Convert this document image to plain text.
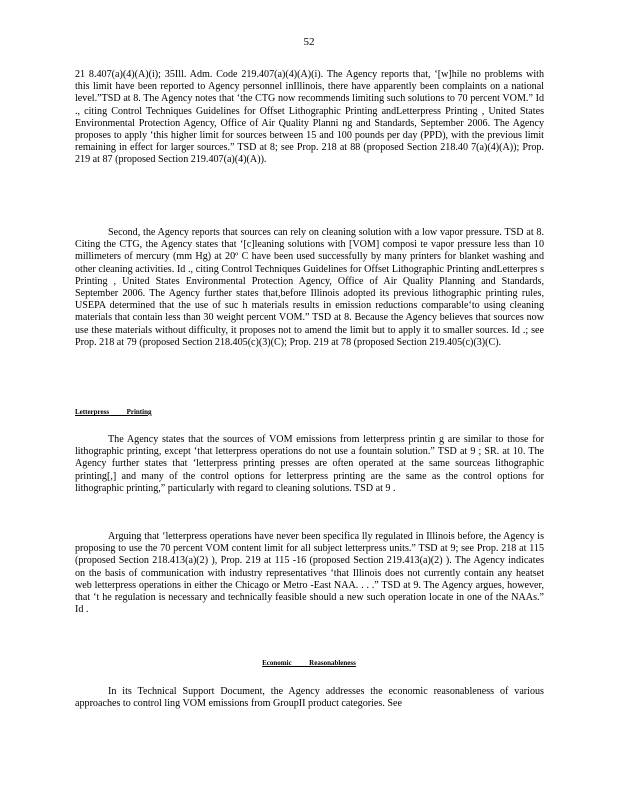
52

21 8.407(a)(4)(A)(i); 35Ill. Adm. Code 219.407(a)(4)(A)(i). The Agency reports that, ‘[w]hile no problems with this limit have been reported to Agency personnel inIllinois, there have apparently been complaints on a national level.”TSD at 8. The Agency notes that ‘the CTG now recommends limiting such solutions to 70 percent VOM.” Id ., citing Control Techniques Guidelines for Offset Lithographic Printing andLetterpress Printing , United States Environmental Protection Agency, Office of Air Quality Planni ng and Standards, September 2006. The Agency proposes to apply ‘this higher limit for sources between 15 and 100 pounds per day (PPD), with the previous limit remaining in effect for larger sources.” TSD at 8; see Prop. 218 at 88 (proposed Section 218.40 7(a)(4)(A)); Prop. 219 at 87 (proposed Section 219.407(a)(4)(A)).

Second, the Agency reports that sources can rely on cleaning solution with a low vapor pressure. TSD at 8. Citing the CTG, the Agency states that ‘[c]leaning solutions with [VOM] composi te vapor pressure less than 10 millimeters of mercury (mm Hg) at 20º C have been used successfully by many printers for blanket washing and other cleaning activities. Id ., citing Control Techniques Guidelines for Offset Lithographic Printing andLetterpres s Printing , United States Environmental Protection Agency, Office of Air Quality Planning and Standards, September 2006. The Agency further states that,before Illinois adopted its previous lithographic printing rules, USEPA determined that the use of suc h materials results in emission reductions comparable‘to using cleaning materials that contain less than 30 weight percent VOM.” TSD at 8. Because the Agency believes that sources now use these materials without difficulty, it proposes not to amend the limit but to apply it to smaller sources. Id .; see Prop. 218 at 79 (proposed Section 218.405(c)(3)(C); Prop. 219 at 78 (proposed Section 219.405(c)(3)(C).

Letterpress          Printing

The Agency states that the sources of VOM emissions from letterpress printin g are similar to those for lithographic printing, except ‘that letterpress operations do not use a fountain solution.” TSD at 9 ; SR. at 10. The Agency further states that ‘letterpress printing presses are often operated at the same sourceas lithographic printing[,] and many of the control options for letterpress printing are the same as the control options for lithographic printing,” particularly with regard to cleaning solutions. TSD at 9 .

Arguing that ‘letterpress operations have never been specifica lly regulated in Illinois before, the Agency is proposing to use the 70 percent VOM content limit for all subject letterpress units.” TSD at 9; see Prop. 218 at 115 (proposed Section 218.413(a)(2) ), Prop. 219 at 115 -16 (proposed Section 219.413(a)(2) ). The Agency indicates on the basis of communication with industry representatives ‘that Illinois does not currently contain any heatset web letterpress operations in either the Chicago or Metro -East NAA. . . .” TSD at 9. The Agency argues, however, that ‘t he regulation is necessary and technically feasible should a new such operation locate in one of the NAAs.” Id .

Economic          Reasonableness

In its Technical Support Document, the Agency addresses the economic reasonableness of various approaches to control ling VOM emissions from GroupII product categories. See
